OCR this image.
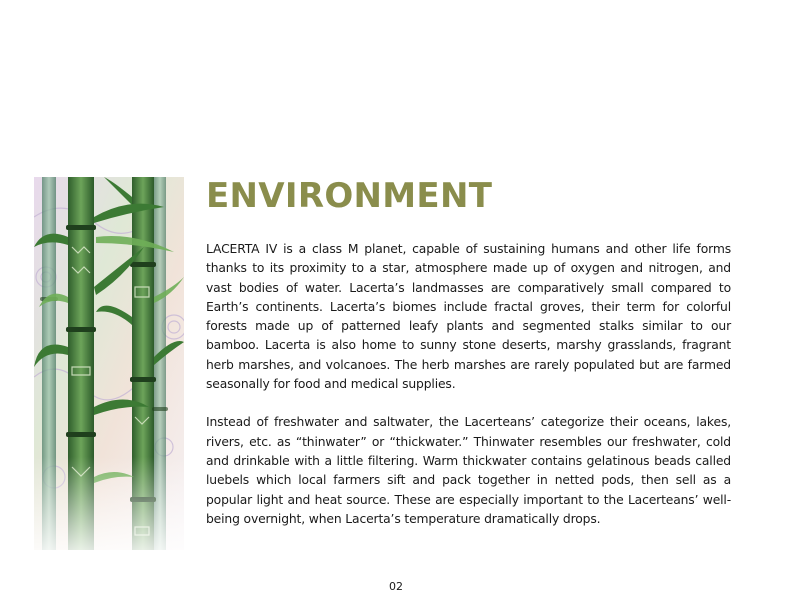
ENVIRONMENT

LACERTA IV is a class M planet, capable of sustaining humans and other life forms thanks to its proximity to a star, atmosphere made up of oxygen and nitrogen, and vast bodies of water. Lacerta’s landmasses are comparatively small compared to Earth’s continents. Lacerta’s biomes include fractal groves, their term for colorful forests made up of patterned leafy plants and segmented stalks similar to our bamboo. Lacerta is also home to sunny stone deserts, marshy grasslands, fragrant herb marshes, and volcanoes. The herb marshes are rarely populated but are farmed seasonally for food and medical supplies.

Instead of freshwater and saltwater, the Lacerteans’ categorize their oceans, lakes, rivers, etc. as “thinwater” or “thickwater.” Thinwater resembles our freshwater, cold and drinkable with a little filtering. Warm thickwater contains gelatinous beads called luebels which local farmers sift and pack together in netted pods, then sell as a popular light and heat source. These are especially important to the Lacerteans’ well-being overnight, when Lacerta’s temperature dramatically drops.

02
